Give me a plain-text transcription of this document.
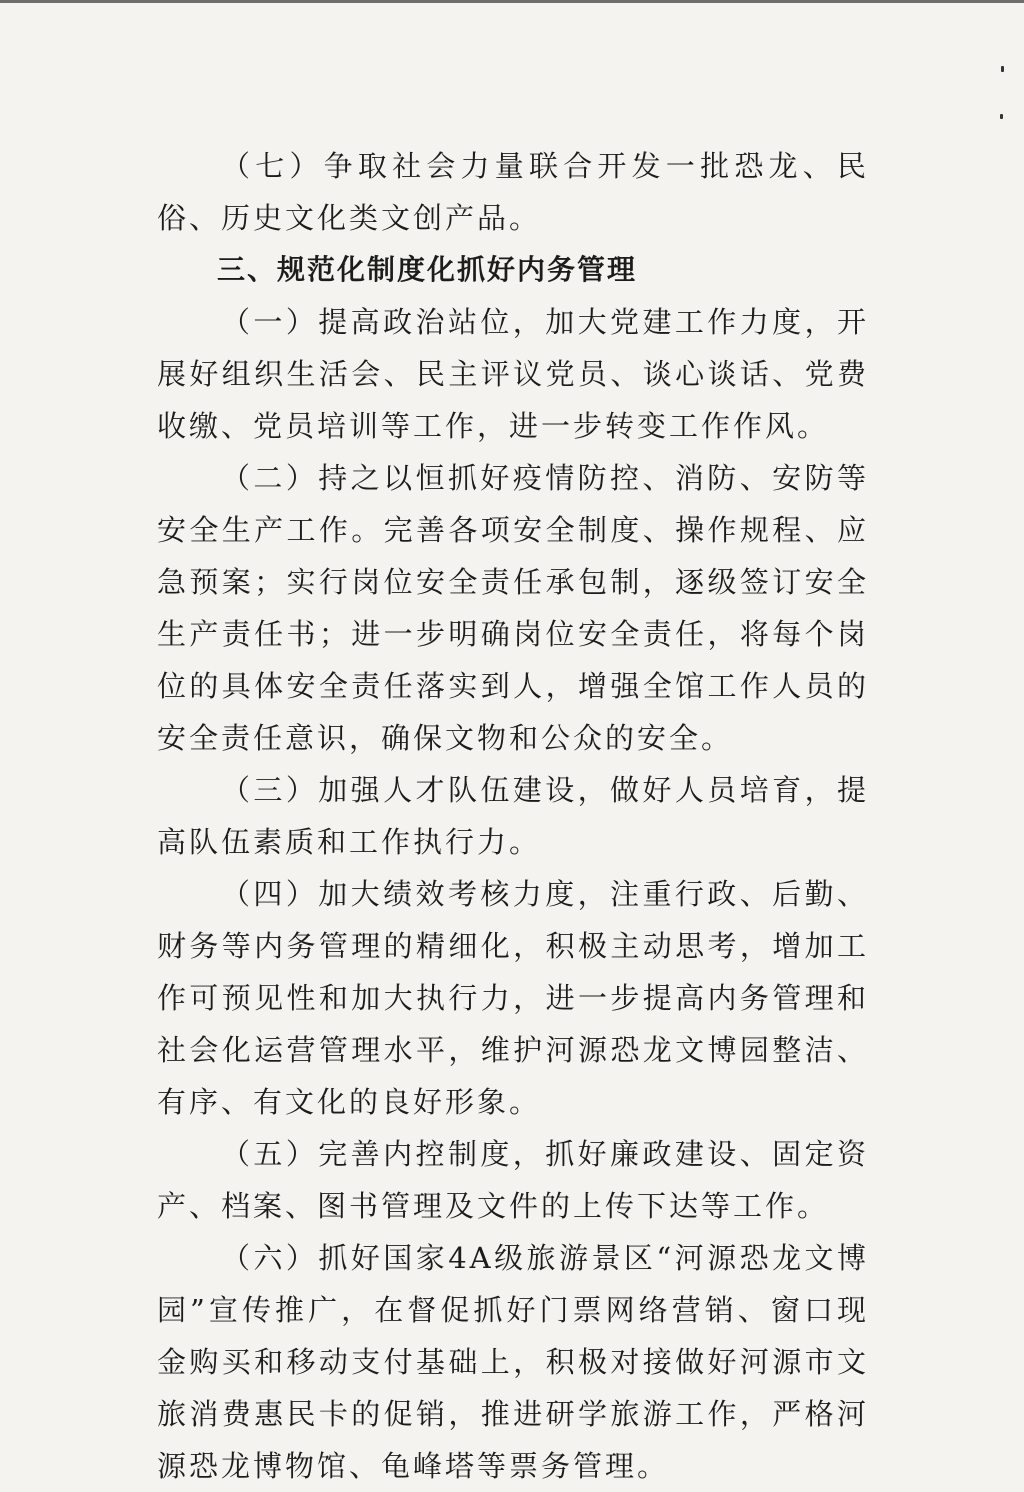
（七）争取社会力量联合开发一批恐龙、民俗、历史文化类文创产品。

三、规范化制度化抓好内务管理

（一）提高政治站位，加大党建工作力度，开展好组织生活会、民主评议党员、谈心谈话、党费收缴、党员培训等工作，进一步转变工作作风。

（二）持之以恒抓好疫情防控、消防、安防等安全生产工作。完善各项安全制度、操作规程、应急预案；实行岗位安全责任承包制，逐级签订安全生产责任书；进一步明确岗位安全责任，将每个岗位的具体安全责任落实到人，增强全馆工作人员的安全责任意识，确保文物和公众的安全。

（三）加强人才队伍建设，做好人员培育，提高队伍素质和工作执行力。

（四）加大绩效考核力度，注重行政、后勤、财务等内务管理的精细化，积极主动思考，增加工作可预见性和加大执行力，进一步提高内务管理和社会化运营管理水平，维护河源恐龙文博园整洁、有序、有文化的良好形象。

（五）完善内控制度，抓好廉政建设、固定资产、档案、图书管理及文件的上传下达等工作。

（六）抓好国家4A级旅游景区“河源恐龙文博园”宣传推广，在督促抓好门票网络营销、窗口现金购买和移动支付基础上，积极对接做好河源市文旅消费惠民卡的促销，推进研学旅游工作，严格河源恐龙博物馆、龟峰塔等票务管理。
